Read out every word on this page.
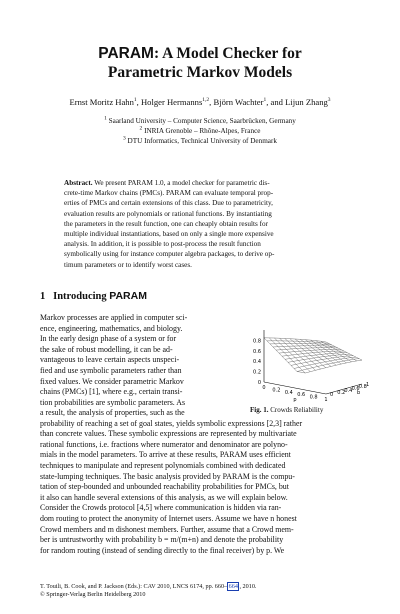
PARAM: A Model Checker for
Parametric Markov Models
Ernst Moritz Hahn$^1$, Holger Hermanns$^{1,2}$, Björn Wachter$^1$, and Lijun Zhang$^3$
$^1$ Saarland University – Computer Science, Saarbrücken, Germany
$^2$ INRIA Grenoble – Rhône-Alpes, France
$^3$ DTU Informatics, Technical University of Denmark
Abstract. We present PARAM 1.0, a model checker for parametric dis-
crete-time Markov chains (PMCs). PARAM can evaluate temporal prop-
erties of PMCs and certain extensions of this class. Due to parametricity,
evaluation results are polynomials or rational functions. By instantiating
the parameters in the result function, one can cheaply obtain results for
multiple individual instantiations, based on only a single more expensive
analysis. In addition, it is possible to post-process the result function
symbolically using for instance computer algebra packages, to derive op-
timum parameters or to identify worst cases.
1 Introducing PARAM
Markov processes are applied in computer sci-
ence, engineering, mathematics, and biology.
In the early design phase of a system or for
the sake of robust modelling, it can be ad-
vantageous to leave certain aspects unspeci-
fied and use symbolic parameters rather than
fixed values. We consider parametric Markov
chains (PMCs) [1], where e.g., certain transi-
tion probabilities are symbolic parameters. As
a result, the analysis of properties, such as the
probability of reaching a set of goal states, yields symbolic expressions [2,3] rather
than concrete values. These symbolic expressions are represented by multivariate
rational functions, i.e. fractions where numerator and denominator are polyno-
mials in the model parameters. To arrive at these results, PARAM uses efficient
techniques to manipulate and represent polynomials combined with dedicated
state-lumping techniques. The basic analysis provided by PARAM is the compu-
tation of step-bounded and unbounded reachability probabilities for PMCs, but
it also can handle several extensions of this analysis, as we will explain below.
Consider the Crowds protocol [4,5] where communication is hidden via ran-
dom routing to protect the anonymity of Internet users. Assume we have n honest
Crowd members and m dishonest members. Further, assume that a Crowd mem-
ber is untrustworthy with probability b = m/(m+n) and denote the probability
for random routing (instead of sending directly to the final receiver) by p. We
0
0.2
0.4
0.6
0.8
0 0.2 0.4 0.6 0.8 1
0 0.2 0.4 0.6 0.8 1
p
b
Fig. 1. Crowds Reliability
T. Touili, B. Cook, and P. Jackson (Eds.): CAV 2010, LNCS 6174, pp. 660– 664 , 2010.
© Springer-Verlag Berlin Heidelberg 2010
